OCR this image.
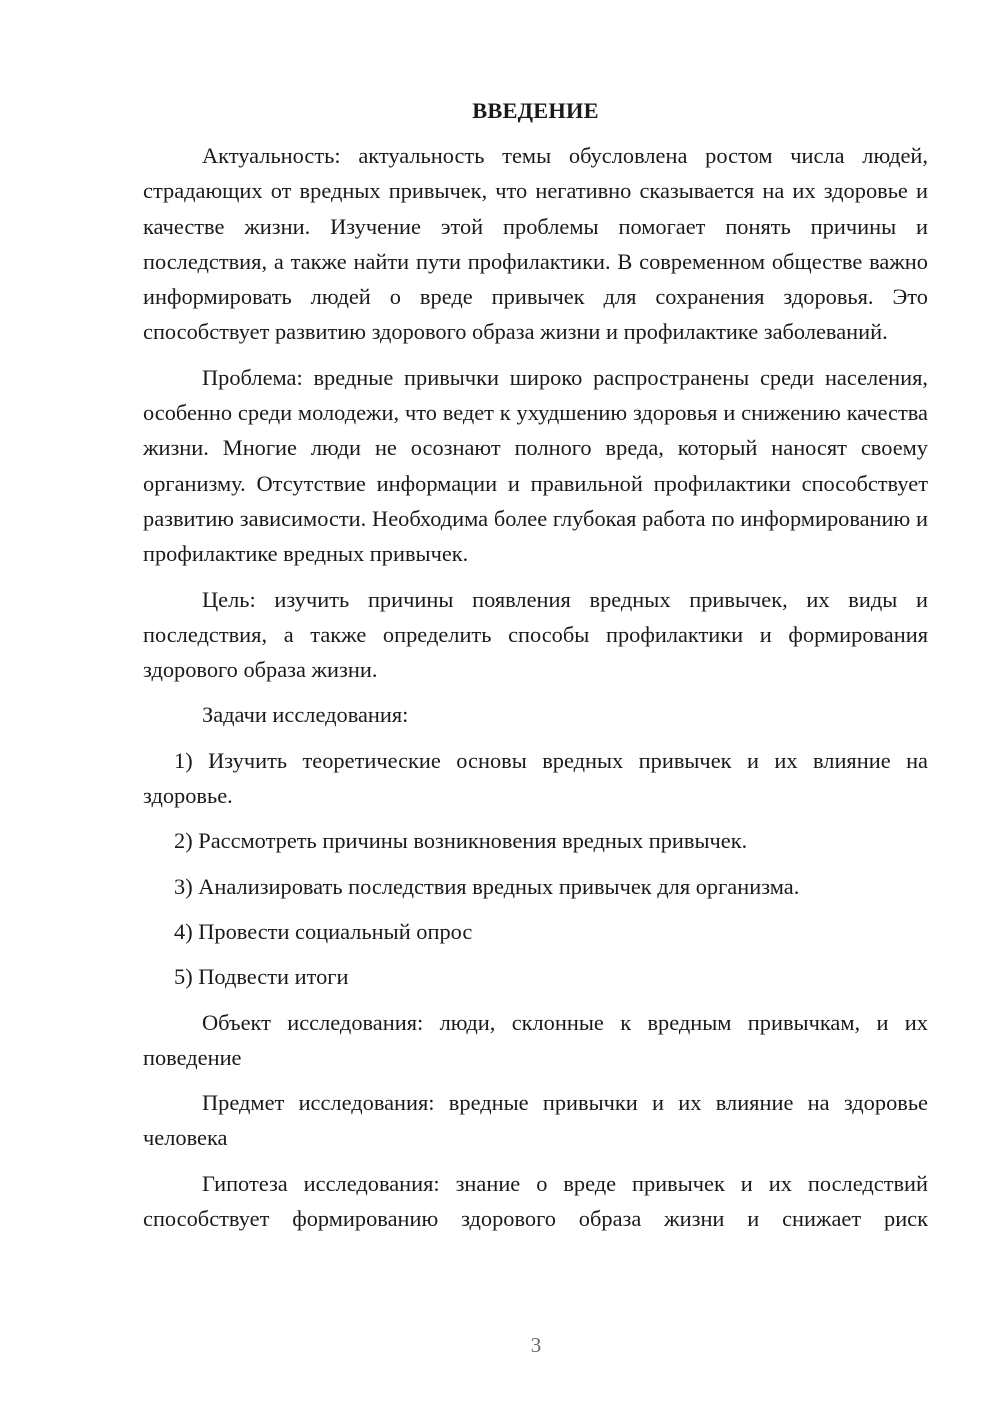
ВВЕДЕНИЕ

Актуальность: актуальность темы обусловлена ростом числа людей, страдающих от вредных привычек, что негативно сказывается на их здоровье и качестве жизни. Изучение этой проблемы помогает понять причины и последствия, а также найти пути профилактики. В современном обществе важно информировать людей о вреде привычек для сохранения здоровья. Это способствует развитию здорового образа жизни и профилактике заболеваний.

Проблема: вредные привычки широко распространены среди населения, особенно среди молодежи, что ведет к ухудшению здоровья и снижению качества жизни. Многие люди не осознают полного вреда, который наносят своему организму. Отсутствие информации и правильной профилактики способствует развитию зависимости. Необходима более глубокая работа по информированию и профилактике вредных привычек.

Цель: изучить причины появления вредных привычек, их виды и последствия, а также определить способы профилактики и формирования здорового образа жизни.

Задачи исследования:

1) Изучить теоретические основы вредных привычек и их влияние на здоровье.

2) Рассмотреть причины возникновения вредных привычек.

3) Анализировать последствия вредных привычек для организма.

4) Провести социальный опрос

5) Подвести итоги

Объект исследования: люди, склонные к вредным привычкам, и их поведение

Предмет исследования: вредные привычки и их влияние на здоровье человека

Гипотеза исследования: знание о вреде привычек и их последствий способствует формированию здорового образа жизни и снижает риск

3
